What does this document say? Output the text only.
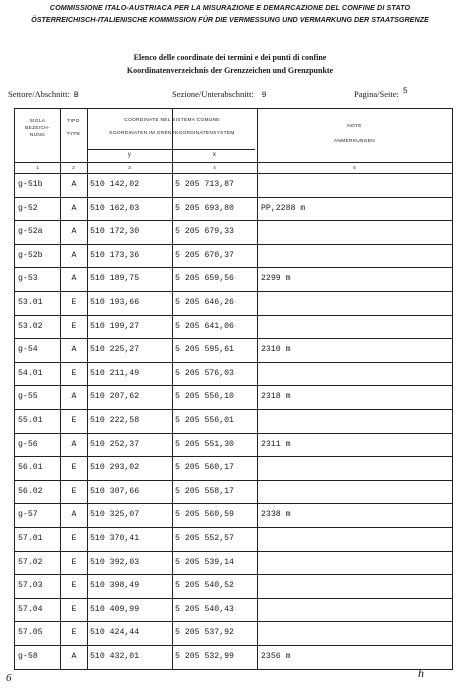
COMMISSIONE ITALO-AUSTRIACA PER LA MISURAZIONE E DEMARCAZIONE DEL CONFINE DI STATO
ÖSTERREICHISCH-ITALIENISCHE KOMMISSION FÜR DIE VERMESSUNG UND VERMARKUNG DER STAATSGRENZE
Elenco delle coordinate dei termini e dei punti di confine
Koordinatenverzeichnis der Grenzzeichen und Grenzpunkte
Settore/Abschnitt: B	Sezione/Unterabschnitt: 9	Pagina/Seite: 5
SIGLA
BEZEICH-
NUNG
TIPO
TYPE
COORDINATE NEL SISTEMA COMUNE
KOORDINATEN IM GRENZKOORDINATENSYSTEM
y	x
NOTE
ANMERKUNGEN
1	2	3	4	5
g-51b	A	510 142,02	5 205 713,87
g-52	A	510 162,03	5 205 693,80	PP,2288 m
g-52a	A	510 172,30	5 205 679,33
g-52b	A	510 173,36	5 205 670,37
g-53	A	510 189,75	5 205 659,56	2299 m
53.01	E	510 193,66	5 205 646,26
53.02	E	510 199,27	5 205 641,06
g-54	A	510 225,27	5 205 595,61	2310 m
54.01	E	510 211,49	5 205 576,03
g-55	A	510 207,62	5 205 556,10	2318 m
55.01	E	510 222,58	5 205 556,01
g-56	A	510 252,37	5 205 551,30	2311 m
56.01	E	510 293,02	5 205 560,17
56.02	E	510 307,66	5 205 558,17
g-57	A	510 325,07	5 205 560,59	2338 m
57.01	E	510 370,41	5 205 552,57
57.02	E	510 392,03	5 205 539,14
57.03	E	510 398,49	5 205 540,52
57.04	E	510 409,99	5 205 540,43
57.05	E	510 424,44	5 205 537,92
g-58	A	510 432,01	5 205 532,99	2356 m
6	h
